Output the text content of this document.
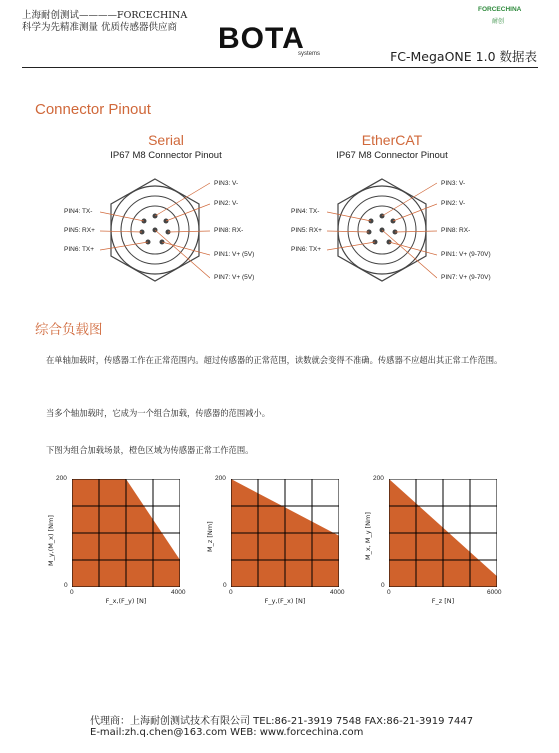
上海耐创测试————FORCECHINA
科学为先精准测量 优质传感器供应商 BOTA
systems
FORCECHINA
耐创
FC-MegaONE 1.0 数据表
Connector Pinout
Serial
IP67 M8 Connector Pinout
EtherCAT
IP67 M8 Connector Pinout
PIN4: TX-
PIN5: RX+
PIN6: TX+
PIN3: V-
PIN2: V-
PIN8: RX-
PIN1: V+ (5V)
PIN7: V+ (5V)
PIN4: TX-
PIN5: RX+
PIN6: TX+
PIN3: V-
PIN2: V-
PIN8: RX-
PIN1: V+ (9-70V)
PIN7: V+ (9-70V)
综合负载图
在单轴加载时，传感器工作在正常范围内。超过传感器的正常范围，读数就会变得不准确。传感器不应超出其正常工作范围。
当多个轴加载时，它成为一个组合加载，传感器的范围减小。
下图为组合加载场景，橙色区域为传感器正常工作范围。
200
0
0	4000
M_y,(M_x) [Nm]
F_x,(F_y) [N]
200
0
0	4000
M_z [Nm]
F_y,(F_x) [N]
200
0
0	6000
M_x, M_y [Nm]
F_z [N]
代理商：上海耐创测试技术有限公司 TEL:86-21-3919 7548 FAX:86-21-3919 7447
E-mail:zh.q.chen@163.com WEB: www.forcechina.com
